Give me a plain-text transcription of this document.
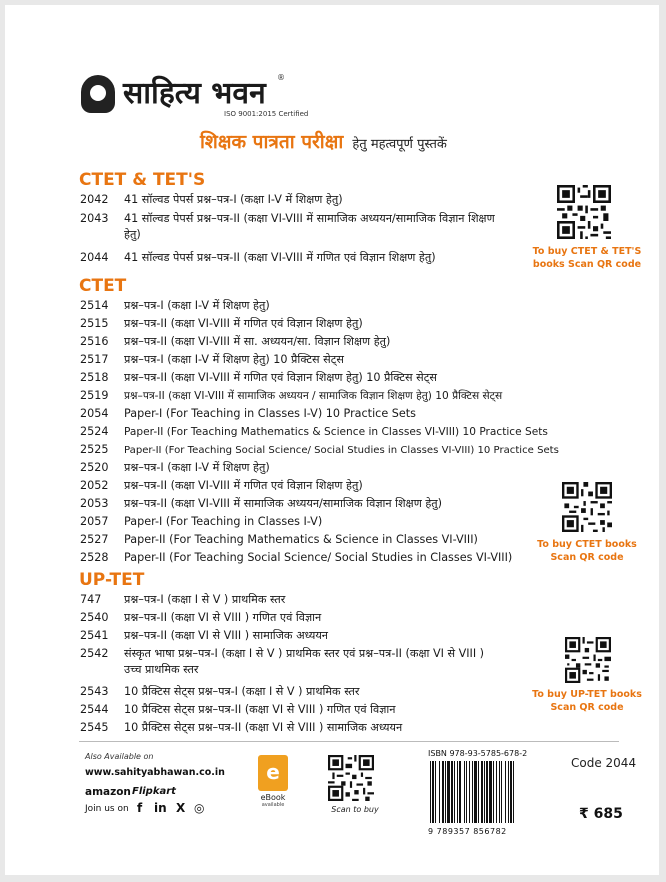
साहित्य भवन ®
ISO 9001:2015 Certified
शिक्षक पात्रता परीक्षा हेतु महत्वपूर्ण पुस्तकें
CTET & TET'S
2042 41 सॉल्वड पेपर्स प्रश्न–पत्र-I (कक्षा I-V में शिक्षण हेतु)
2043 41 सॉल्वड पेपर्स प्रश्न–पत्र-II (कक्षा VI-VIII में सामाजिक अध्ययन/सामाजिक विज्ञान शिक्षण हेतु)
2044 41 सॉल्वड पेपर्स प्रश्न–पत्र-II (कक्षा VI-VIII में गणित एवं विज्ञान शिक्षण हेतु)	To buy CTET & TET'S books Scan QR code
CTET
2514 प्रश्न–पत्र-I (कक्षा I-V में शिक्षण हेतु)
2515 प्रश्न–पत्र-II (कक्षा VI-VIII में गणित एवं विज्ञान शिक्षण हेतु)
2516 प्रश्न–पत्र-II (कक्षा VI-VIII में सा. अध्ययन/सा. विज्ञान शिक्षण हेतु)
2517 प्रश्न–पत्र-I (कक्षा I-V में शिक्षण हेतु) 10 प्रैक्टिस सेट्स
2518 प्रश्न–पत्र-II (कक्षा VI-VIII में गणित एवं विज्ञान शिक्षण हेतु) 10 प्रैक्टिस सेट्स
2519 प्रश्न–पत्र-II (कक्षा VI-VIII में सामाजिक अध्ययन / सामाजिक विज्ञान शिक्षण हेतु) 10 प्रैक्टिस सेट्स
2054 Paper-I (For Teaching in Classes I-V) 10 Practice Sets
2524 Paper-II (For Teaching Mathematics & Science in Classes VI-VIII) 10 Practice Sets
2525 Paper-II (For Teaching Social Science/ Social Studies in Classes VI-VIII) 10 Practice Sets
2520 प्रश्न–पत्र-I (कक्षा I-V में शिक्षण हेतु)
2052 प्रश्न–पत्र-II (कक्षा VI-VIII में गणित एवं विज्ञान शिक्षण हेतु)
2053 प्रश्न–पत्र-II (कक्षा VI-VIII में सामाजिक अध्ययन/सामाजिक विज्ञान शिक्षण हेतु)
2057 Paper-I (For Teaching in Classes I-V)
2527 Paper-II (For Teaching Mathematics & Science in Classes VI-VIII)
2528 Paper-II (For Teaching Social Science/ Social Studies in Classes VI-VIII)
To buy CTET books Scan QR code
UP-TET
747 प्रश्न–पत्र-I (कक्षा I से V ) प्राथमिक स्तर
2540 प्रश्न–पत्र-II (कक्षा VI से VIII ) गणित एवं विज्ञान
2541 प्रश्न–पत्र-II (कक्षा VI से VIII ) सामाजिक अध्ययन
2542 संस्कृत भाषा प्रश्न–पत्र-I (कक्षा I से V ) प्राथमिक स्तर एवं प्रश्न–पत्र-II (कक्षा VI से VIII ) उच्च प्राथमिक स्तर
2543 10 प्रैक्टिस सेट्स प्रश्न–पत्र-I (कक्षा I से V ) प्राथमिक स्तर
2544 10 प्रैक्टिस सेट्स प्रश्न–पत्र-II (कक्षा VI से VIII ) गणित एवं विज्ञान
2545 10 प्रैक्टिस सेट्स प्रश्न–पत्र-II (कक्षा VI से VIII ) सामाजिक अध्ययन
To buy UP-TET books Scan QR code
Also Available on
www.sahityabhawan.co.in
amazon Flipkart
Join us on f in X ◎
e
eBook
available	Scan to buy
ISBN 978-93-5785-678-2
9 789357 856782
Code 2044
₹ 685
